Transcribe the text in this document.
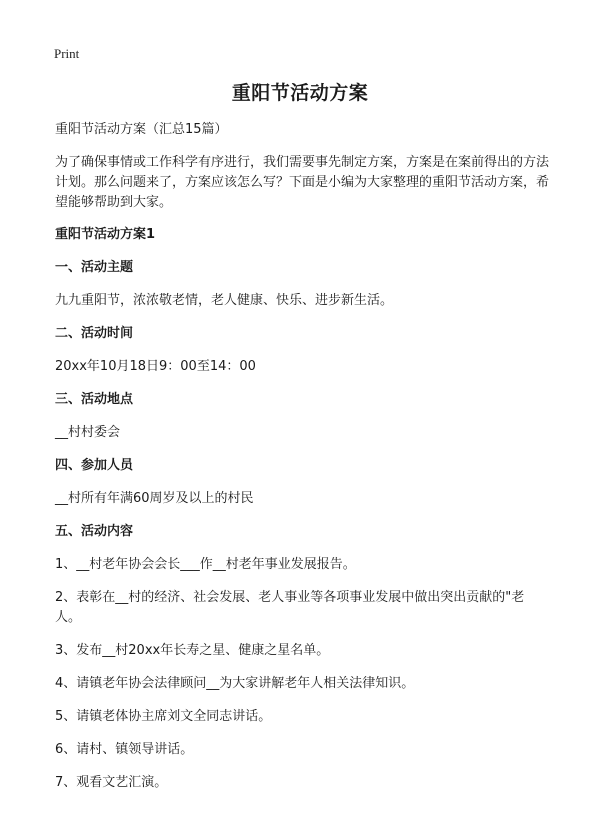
Print
重阳节活动方案

重阳节活动方案（汇总15篇）

为了确保事情或工作科学有序进行，我们需要事先制定方案，方案是在案前得出的方法计划。那么问题来了，方案应该怎么写？下面是小编为大家整理的重阳节活动方案，希望能够帮助到大家。

重阳节活动方案1

一、活动主题

九九重阳节，浓浓敬老情，老人健康、快乐、进步新生活。

二、活动时间

20xx年10月18日9：00至14：00

三、活动地点

__村村委会

四、参加人员

__村所有年满60周岁及以上的村民

五、活动内容

1、__村老年协会会长___作__村老年事业发展报告。

2、表彰在__村的经济、社会发展、老人事业等各项事业发展中做出突出贡献的"老人。

3、发布__村20xx年长寿之星、健康之星名单。

4、请镇老年协会法律顾问__为大家讲解老年人相关法律知识。

5、请镇老体协主席刘文全同志讲话。

6、请村、镇领导讲话。

7、观看文艺汇演。
